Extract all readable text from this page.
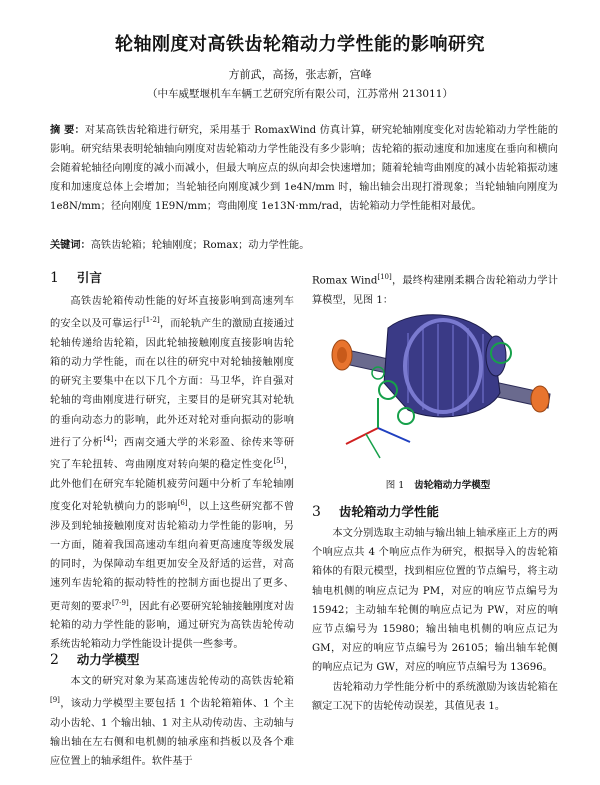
轮轴刚度对高铁齿轮箱动力学性能的影响研究
方前武，高扬，张志新，宫峰
（中车威墅堰机车车辆工艺研究所有限公司，江苏常州 213011）
摘 要：对某高铁齿轮箱进行研究，采用基于 RomaxWind 仿真计算，研究轮轴刚度变化对齿轮箱动力学性能的影响。研究结果表明轮轴轴向刚度对齿轮箱动力学性能没有多少影响；齿轮箱的振动速度和加速度在垂向和横向会随着轮轴径向刚度的减小而减小，但最大响应点的纵向却会快速增加；随着轮轴弯曲刚度的减小齿轮箱振动速度和加速度总体上会增加；当轮轴径向刚度减少到 1e4N/mm 时，输出轴会出现打滑现象；当轮轴轴向刚度为 1e8N/mm；径向刚度 1E9N/mm；弯曲刚度 1e13N·mm/rad，齿轮箱动力学性能相对最优。
关键词：高铁齿轮箱；轮轴刚度；Romax；动力学性能。
1 引言

高铁齿轮箱传动性能的好坏直接影响到高速列车的安全以及可靠运行[1-2]，而轮轨产生的激励直接通过轮轴传递给齿轮箱，因此轮轴接触刚度直接影响齿轮箱的动力学性能，而在以往的研究中对轮轴接触刚度的研究主要集中在以下几个方面：马卫华，许自强对轮轴的弯曲刚度进行研究，主要目的是研究其对轮轨的垂向动态力的影响，此外还对轮对垂向振动的影响进行了分析[4]；西南交通大学的米彩盈、徐传来等研究了车轮扭转、弯曲刚度对转向架的稳定性变化[5]，此外他们在研究车轮随机疲劳问题中分析了车轮轴刚度变化对轮轨横向力的影响[6]，以上这些研究都不曾涉及到轮轴接触刚度对齿轮箱动力学性能的影响，另一方面，随着我国高速动车组向着更高速度等级发展的同时，为保障动车组更加安全及舒适的运营，对高速列车齿轮箱的振动特性的控制方面也提出了更多、更苛刻的要求[7-9]，因此有必要研究轮轴接触刚度对齿轮箱的动力学性能的影响，通过研究为高铁齿轮传动系统齿轮箱动力学性能设计提供一些参考。

2 动力学模型

本文的研究对象为某高速齿轮传动的高铁齿轮箱[9]，该动力学模型主要包括 1 个齿轮箱箱体、1 个主动小齿轮、1 个输出轴、1 对主从动传动齿、主动轴与输出轴在左右侧和电机侧的轴承座和挡板以及各个难应位置上的轴承组件。软件基于

Romax Wind[10]，最终构建刚柔耦合齿轮箱动力学计算模型，见图 1：

图 1 齿轮箱动力学模型
3 齿轮箱动力学性能

本文分别选取主动轴与输出轴上轴承座正上方的两个响应点共 4 个响应点作为研究，根据导入的齿轮箱箱体的有限元模型，找到相应位置的节点编号，将主动轴电机侧的响应点记为 PM，对应的响应节点编号为 15942；主动轴车轮侧的响应点记为 PW，对应的响应节点编号为 15980；输出轴电机侧的响应点记为 GM，对应的响应节点编号为 26105；输出轴车轮侧的响应点记为 GW，对应的响应节点编号为 13696。

齿轮箱动力学性能分析中的系统激励为该齿轮箱在额定工况下的齿轮传动误差，其值见表 1。
